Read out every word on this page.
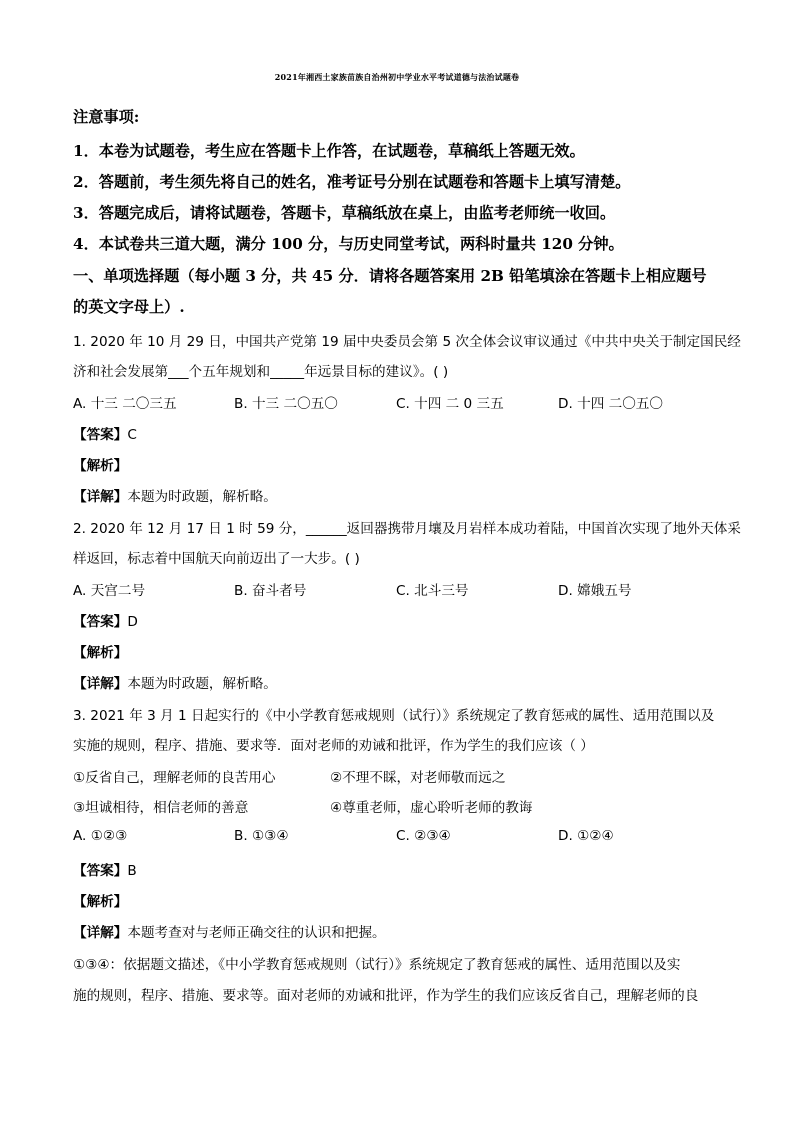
2021年湘西土家族苗族自治州初中学业水平考试道德与法治试题卷
注意事项:
1．本卷为试题卷，考生应在答题卡上作答，在试题卷，草稿纸上答题无效。
2．答题前，考生须先将自己的姓名，准考证号分别在试题卷和答题卡上填写清楚。
3．答题完成后，请将试题卷，答题卡，草稿纸放在桌上，由监考老师统一收回。
4．本试卷共三道大题，满分 100 分，与历史同堂考试，两科时量共 120 分钟。
一、单项选择题（每小题 3 分，共 45 分．请将各题答案用 2B 铅笔填涂在答题卡上相应题号
的英文字母上）.
1. 2020 年 10 月 29 日，中国共产党第 19 届中央委员会第 5 次全体会议审议通过《中共中央关于制定国民经
济和社会发展第___个五年规划和_____年远景目标的建议》。( )
A. 十三 二〇三五	B. 十三 二〇五〇	C. 十四 二 0 三五	D. 十四 二〇五〇
【答案】C
【解析】
【详解】本题为时政题，解析略。
2. 2020 年 12 月 17 日 1 时 59 分，______返回器携带月壤及月岩样本成功着陆，中国首次实现了地外天体采
样返回，标志着中国航天向前迈出了一大步。( )
A. 天宫二号	B. 奋斗者号	C. 北斗三号	D. 嫦娥五号
【答案】D
【解析】
【详解】本题为时政题，解析略。
3. 2021 年 3 月 1 日起实行的《中小学教育惩戒规则（试行）》系统规定了教育惩戒的属性、适用范围以及
实施的规则，程序、措施、要求等．面对老师的劝诫和批评，作为学生的我们应该（ ）
①反省自己，理解老师的良苦用心	②不理不睬，对老师敬而远之
③坦诚相待，相信老师的善意	④尊重老师，虚心聆听老师的教诲
A. ①②③	B. ①③④	C. ②③④	D. ①②④
【答案】B
【解析】
【详解】本题考查对与老师正确交往的认识和把握。
①③④：依据题文描述，《中小学教育惩戒规则（试行）》系统规定了教育惩戒的属性、适用范围以及实
施的规则，程序、措施、要求等。面对老师的劝诫和批评，作为学生的我们应该反省自己，理解老师的良
